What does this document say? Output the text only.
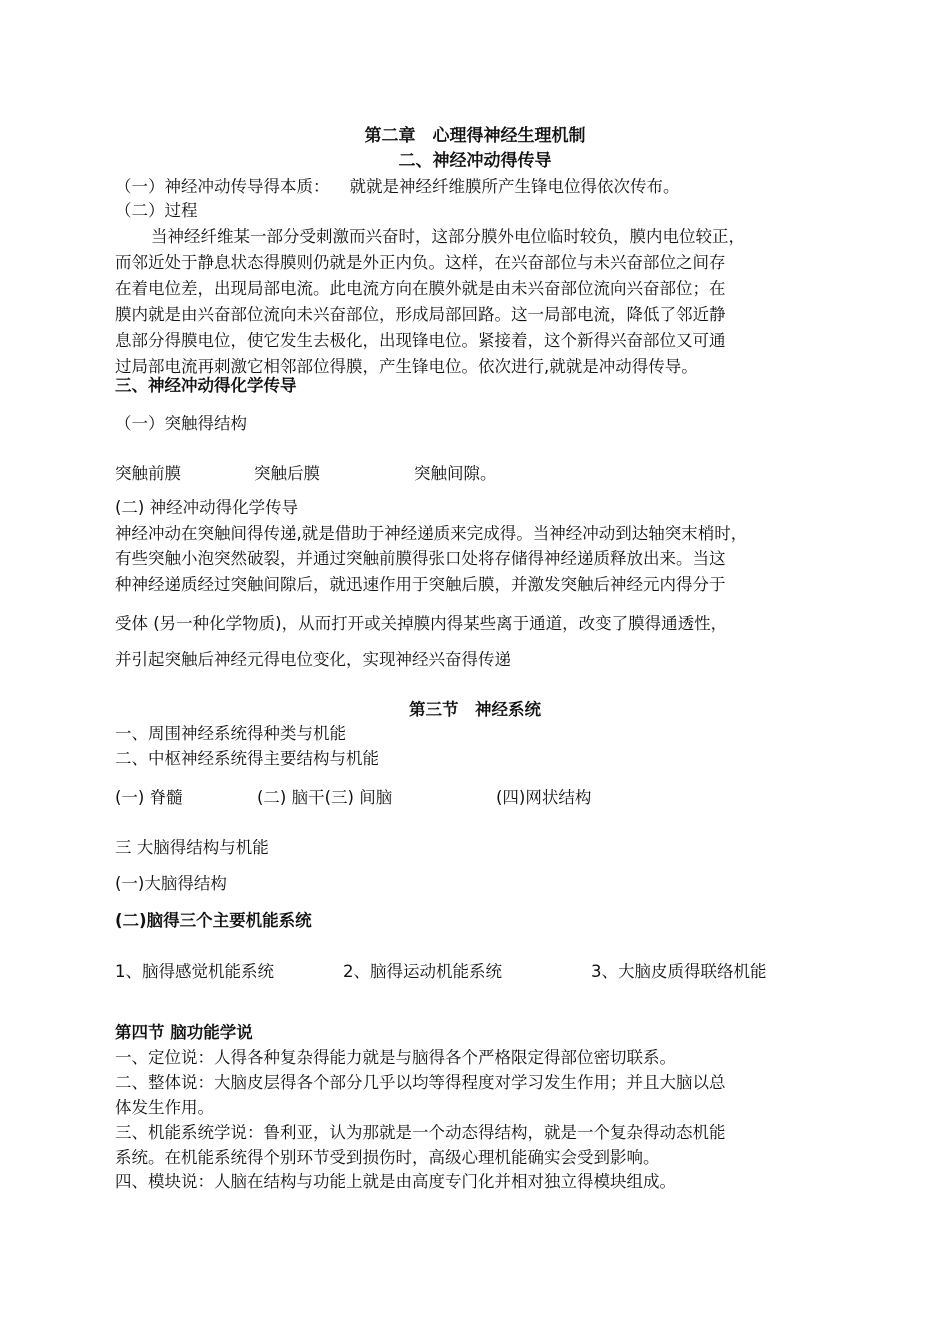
第二章　心理得神经生理机制
二、神经冲动得传导
（一）神经冲动传导得本质： 就就是神经纤维膜所产生锋电位得依次传布。
（二）过程
当神经纤维某一部分受刺激而兴奋时，这部分膜外电位临时较负，膜内电位较正，
而邻近处于静息状态得膜则仍就是外正内负。这样，在兴奋部位与未兴奋部位之间存
在着电位差，出现局部电流。此电流方向在膜外就是由未兴奋部位流向兴奋部位；在
膜内就是由兴奋部位流向未兴奋部位，形成局部回路。这一局部电流，降低了邻近静
息部分得膜电位，使它发生去极化，出现锋电位。紧接着，这个新得兴奋部位又可通
过局部电流再刺激它相邻部位得膜，产生锋电位。依次进行,就就是冲动得传导。
三、神经冲动得化学传导
（一）突触得结构
突触前膜	突触后膜	突触间隙。
(二) 神经冲动得化学传导
神经冲动在突触间得传递,就是借助于神经递质来完成得。当神经冲动到达轴突末梢时，
有些突触小泡突然破裂，并通过突触前膜得张口处将存储得神经递质释放出来。当这
种神经递质经过突触间隙后，就迅速作用于突触后膜，并激发突触后神经元内得分于
受体 (另一种化学物质)，从而打开或关掉膜内得某些离于通道，改变了膜得通透性，
并引起突触后神经元得电位变化，实现神经兴奋得传递
第三节　神经系统
一、周围神经系统得种类与机能
二、中枢神经系统得主要结构与机能
(一) 脊髓	(二) 脑干(三) 间脑	(四)网状结构
三 大脑得结构与机能
(一)大脑得结构
(二)脑得三个主要机能系统
1、脑得感觉机能系统	2、脑得运动机能系统	3、大脑皮质得联络机能
第四节 脑功能学说
一、定位说：人得各种复杂得能力就是与脑得各个严格限定得部位密切联系。
二、整体说：大脑皮层得各个部分几乎以均等得程度对学习发生作用；并且大脑以总
体发生作用。
三、机能系统学说：鲁利亚，认为那就是一个动态得结构，就是一个复杂得动态机能
系统。在机能系统得个别环节受到损伤时，高级心理机能确实会受到影响。
四、模块说：人脑在结构与功能上就是由高度专门化并相对独立得模块组成。
